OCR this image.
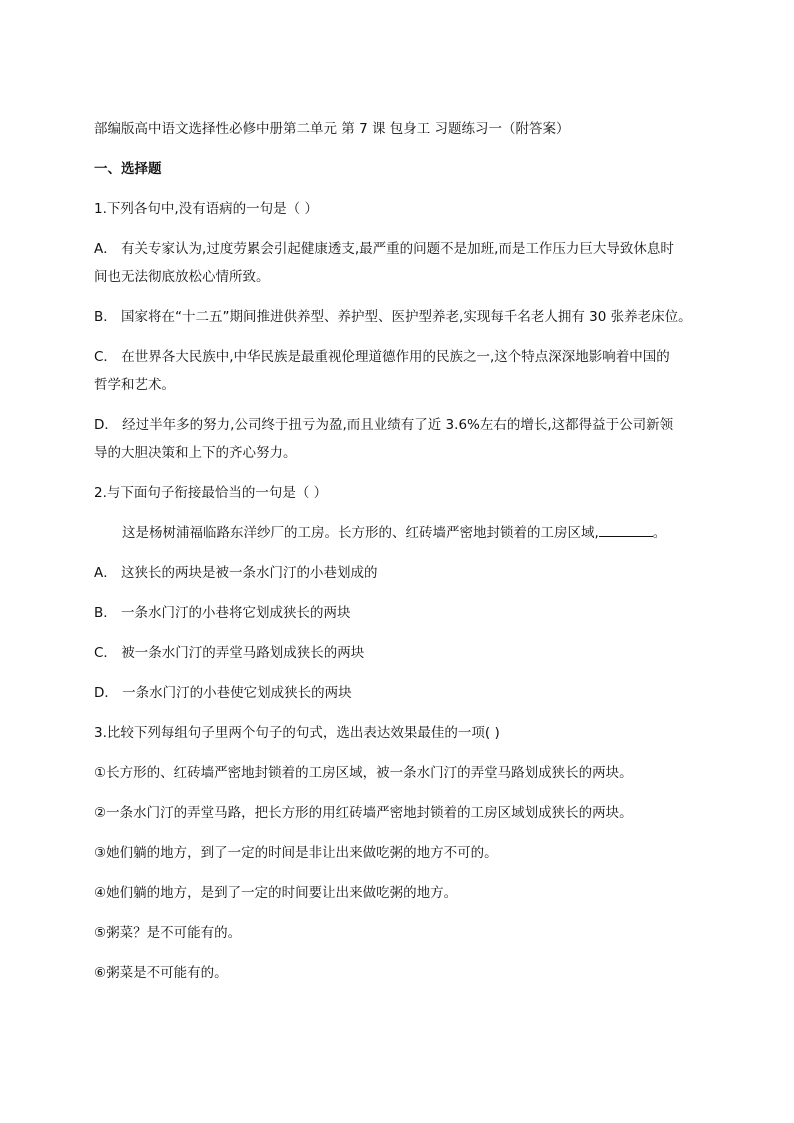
部编版高中语文选择性必修中册第二单元 第 7 课 包身工 习题练习一（附答案）
一、选择题
1.下列各句中,没有语病的一句是（ ）
A． 有关专家认为,过度劳累会引起健康透支,最严重的问题不是加班,而是工作压力巨大导致休息时
间也无法彻底放松心情所致。
B． 国家将在“十二五”期间推进供养型、养护型、医护型养老,实现每千名老人拥有 30 张养老床位。
C． 在世界各大民族中,中华民族是最重视伦理道德作用的民族之一,这个特点深深地影响着中国的
哲学和艺术。
D． 经过半年多的努力,公司终于扭亏为盈,而且业绩有了近 3.6%左右的增长,这都得益于公司新领
导的大胆决策和上下的齐心努力。
2.与下面句子衔接最恰当的一句是（ ）
这是杨树浦福临路东洋纱厂的工房。长方形的、红砖墙严密地封锁着的工房区域,	。
A． 这狭长的两块是被一条水门汀的小巷划成的
B． 一条水门汀的小巷将它划成狭长的两块
C． 被一条水门汀的弄堂马路划成狭长的两块
D． 一条水门汀的小巷使它划成狭长的两块
3.比较下列每组句子里两个句子的句式，选出表达效果最佳的一项( )
①长方形的、红砖墙严密地封锁着的工房区域，被一条水门汀的弄堂马路划成狭长的两块。
②一条水门汀的弄堂马路，把长方形的用红砖墙严密地封锁着的工房区域划成狭长的两块。
③她们躺的地方，到了一定的时间是非让出来做吃粥的地方不可的。
④她们躺的地方，是到了一定的时间要让出来做吃粥的地方。
⑤粥菜？是不可能有的。
⑥粥菜是不可能有的。
